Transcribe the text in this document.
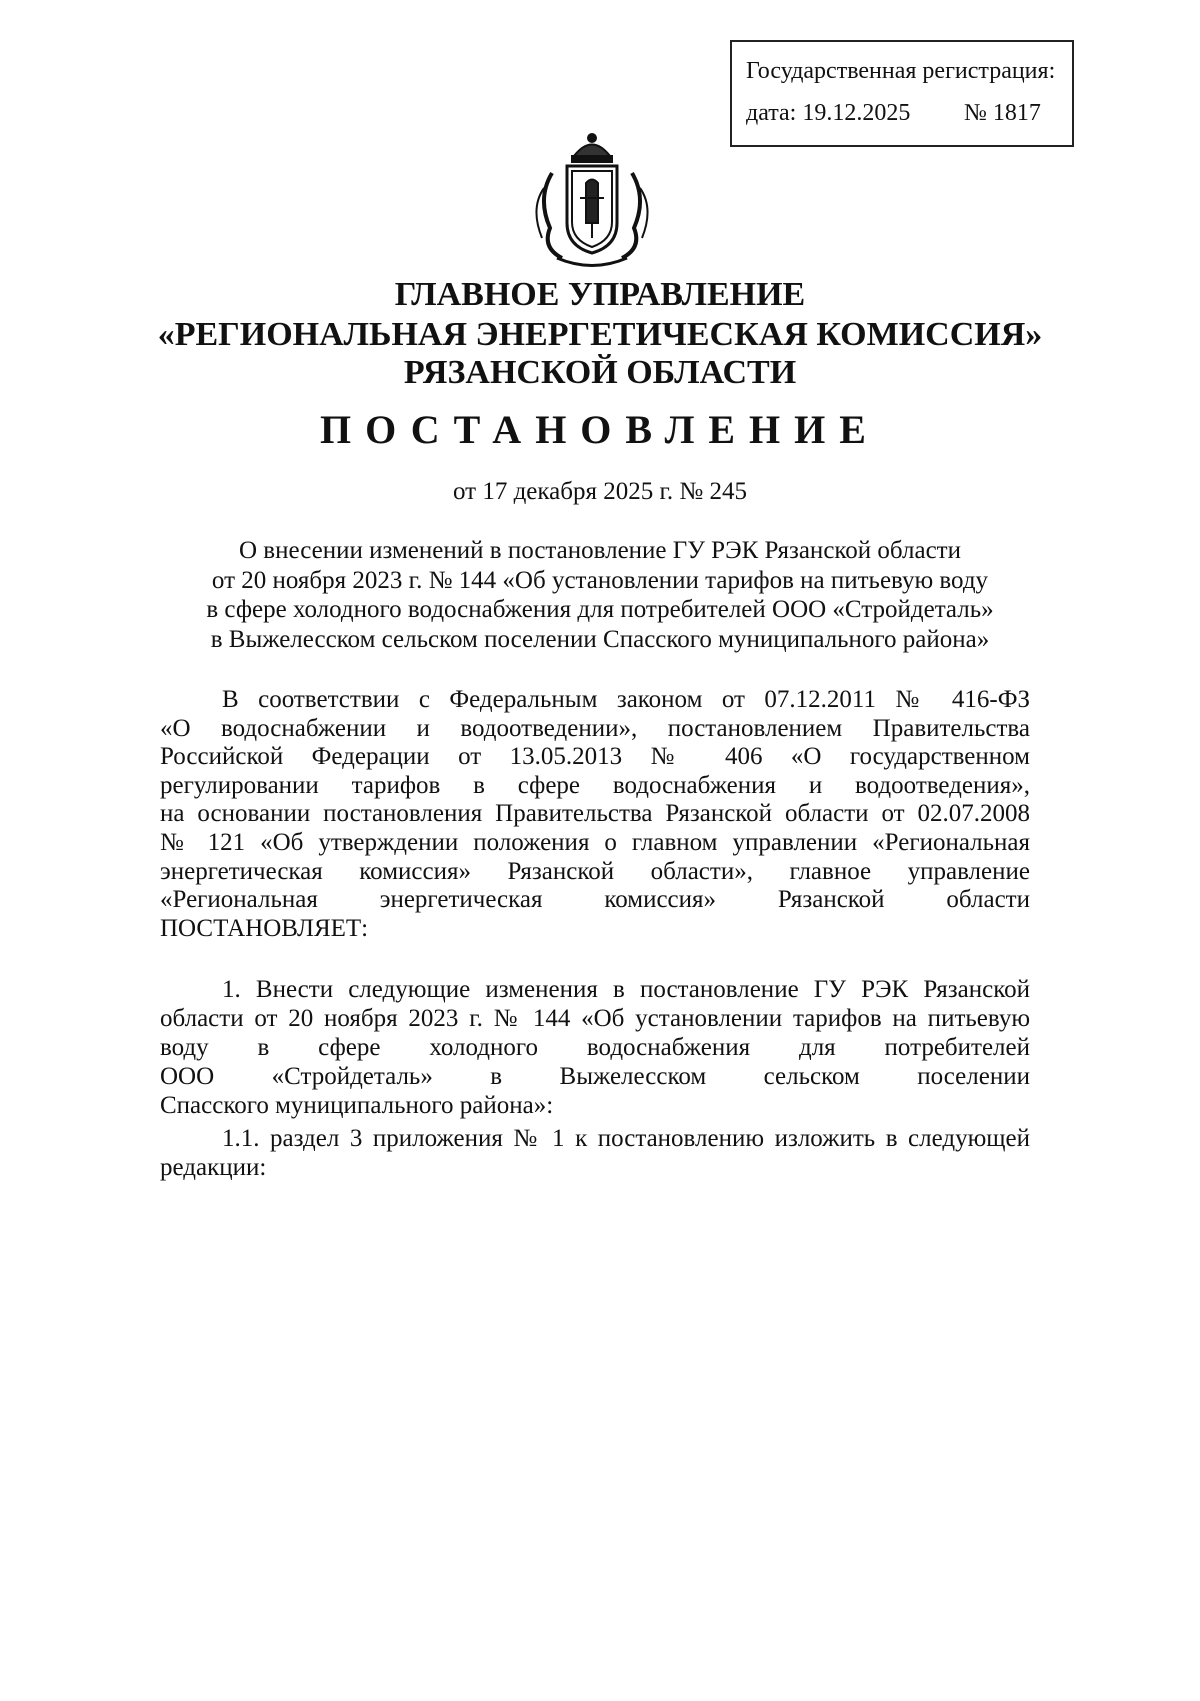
Государственная регистрация:
дата: 19.12.2025 № 1817
ГЛАВНОЕ УПРАВЛЕНИЕ
«РЕГИОНАЛЬНАЯ ЭНЕРГЕТИЧЕСКАЯ КОМИССИЯ»
РЯЗАНСКОЙ ОБЛАСТИ
ПОСТАНОВЛЕНИЕ
от 17 декабря 2025 г. № 245
О внесении изменений в постановление ГУ РЭК Рязанской области
от 20 ноября 2023 г. № 144 «Об установлении тарифов на питьевую воду
в сфере холодного водоснабжения для потребителей ООО «Стройдеталь»
в Выжелесском сельском поселении Спасского муниципального района»
В соответствии с Федеральным законом от 07.12.2011 № 416-ФЗ
«О водоснабжении и водоотведении», постановлением Правительства
Российской Федерации от 13.05.2013 № 406 «О государственном
регулировании тарифов в сфере водоснабжения и водоотведения»,
на основании постановления Правительства Рязанской области от 02.07.2008
№ 121 «Об утверждении положения о главном управлении «Региональная
энергетическая комиссия» Рязанской области», главное управление
«Региональная энергетическая комиссия» Рязанской области
ПОСТАНОВЛЯЕТ:
1. Внести следующие изменения в постановление ГУ РЭК Рязанской
области от 20 ноября 2023 г. № 144 «Об установлении тарифов на питьевую
воду в сфере холодного водоснабжения для потребителей
ООО «Стройдеталь» в Выжелесском сельском поселении
Спасского муниципального района»:
1.1. раздел 3 приложения № 1 к постановлению изложить в следующей
редакции:
